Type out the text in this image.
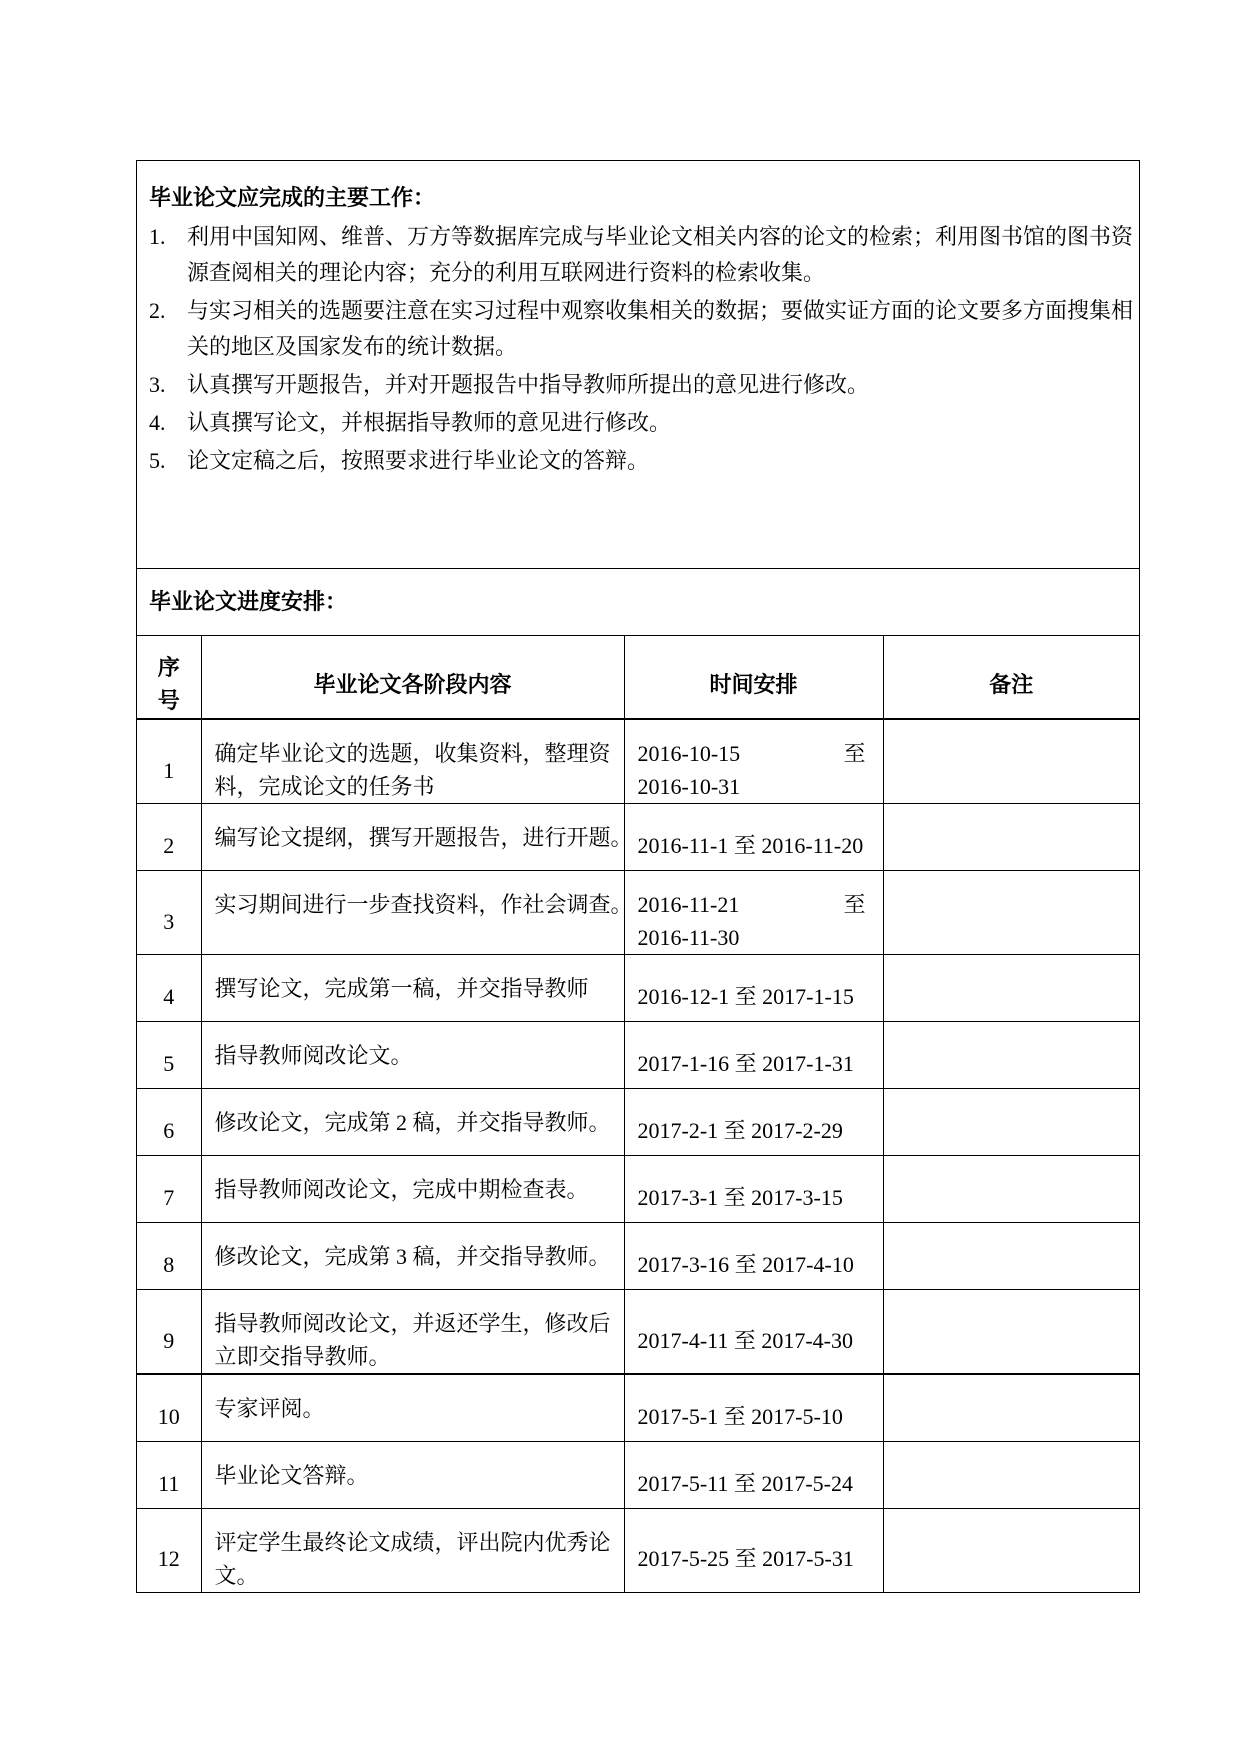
毕业论文应完成的主要工作：
1. 利用中国知网、维普、万方等数据库完成与毕业论文相关内容的论文的检索；利用图书馆的图书资源查阅相关的理论内容；充分的利用互联网进行资料的检索收集。
2. 与实习相关的选题要注意在实习过程中观察收集相关的数据；要做实证方面的论文要多方面搜集相关的地区及国家发布的统计数据。
3. 认真撰写开题报告，并对开题报告中指导教师所提出的意见进行修改。
4. 认真撰写论文，并根据指导教师的意见进行修改。
5. 论文定稿之后，按照要求进行毕业论文的答辩。
毕业论文进度安排：
序号	毕业论文各阶段内容	时间安排	备注
1	确定毕业论文的选题，收集资料，整理资料，完成论文的任务书	2016-10-15 至
2016-10-31	

2	编写论文提纲，撰写开题报告，进行开题。	2016-11-1 至 2016-11-20	
3	实习期间进行一步查找资料，作社会调查。	2016-11-21 至
2016-11-30	

4	撰写论文，完成第一稿，并交指导教师	2016-12-1 至 2017-1-15	
5	指导教师阅改论文。	2017-1-16 至 2017-1-31	
6	修改论文，完成第 2 稿，并交指导教师。	2017-2-1 至 2017-2-29	
7	指导教师阅改论文，完成中期检查表。	2017-3-1 至 2017-3-15	
8	修改论文，完成第 3 稿，并交指导教师。	2017-3-16 至 2017-4-10	
9	指导教师阅改论文，并返还学生，修改后立即交指导教师。	2017-4-11 至 2017-4-30	
10	专家评阅。	2017-5-1 至 2017-5-10	
11	毕业论文答辩。	2017-5-11 至 2017-5-24	
12	评定学生最终论文成绩，评出院内优秀论文。	2017-5-25 至 2017-5-31	
